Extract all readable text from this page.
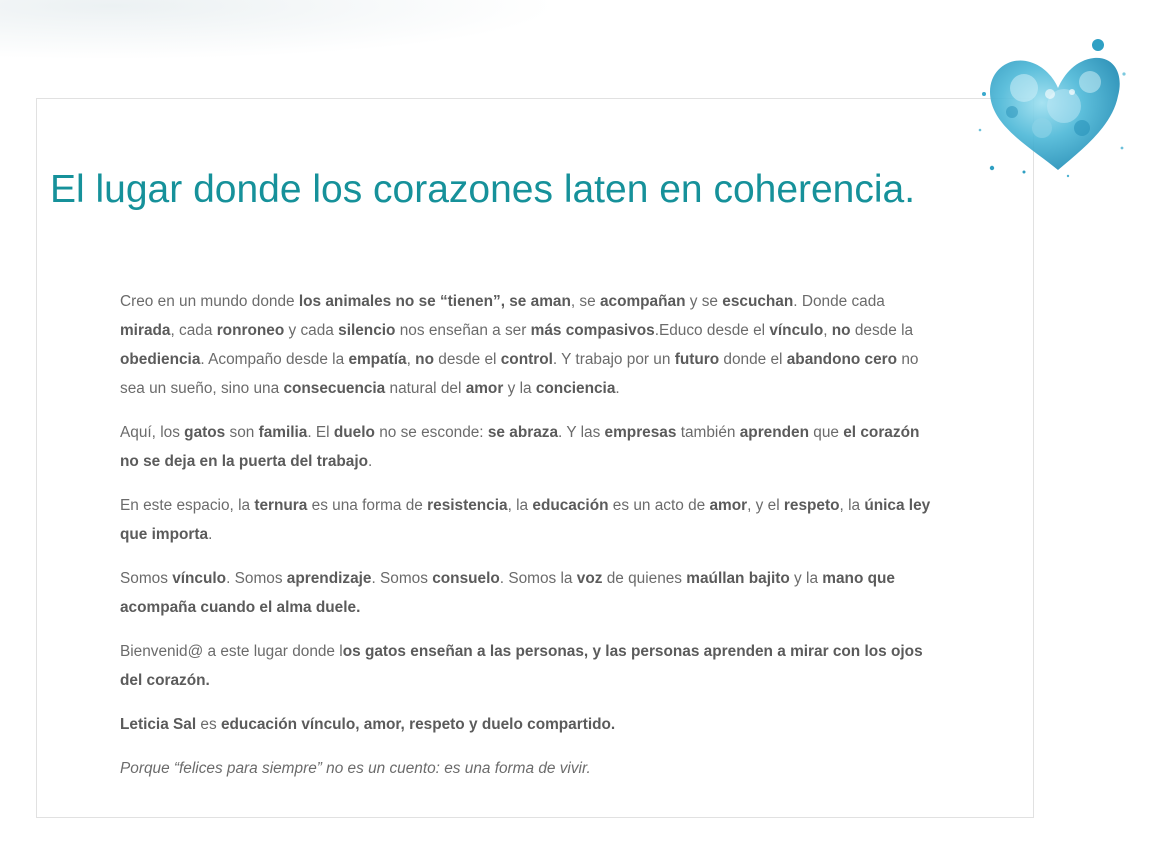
El lugar donde los corazones laten en coherencia.

Creo en un mundo donde los animales no se “tienen”, se aman, se acompañan y se escuchan. Donde cada mirada, cada ronroneo y cada silencio nos enseñan a ser más compasivos.Educo desde el vínculo, no desde la obediencia. Acompaño desde la empatía, no desde el control. Y trabajo por un futuro donde el abandono cero no sea un sueño, sino una consecuencia natural del amor y la conciencia.

Aquí, los gatos son familia. El duelo no se esconde: se abraza. Y las empresas también aprenden que el corazón no se deja en la puerta del trabajo.

En este espacio, la ternura es una forma de resistencia, la educación es un acto de amor, y el respeto, la única ley que importa.

Somos vínculo. Somos aprendizaje. Somos consuelo. Somos la voz de quienes maúllan bajito y la mano que acompaña cuando el alma duele.

Bienvenid@ a este lugar donde los gatos enseñan a las personas, y las personas aprenden a mirar con los ojos del corazón.

Leticia Sal es educación vínculo, amor, respeto y duelo compartido.

Porque “felices para siempre” no es un cuento: es una forma de vivir.
